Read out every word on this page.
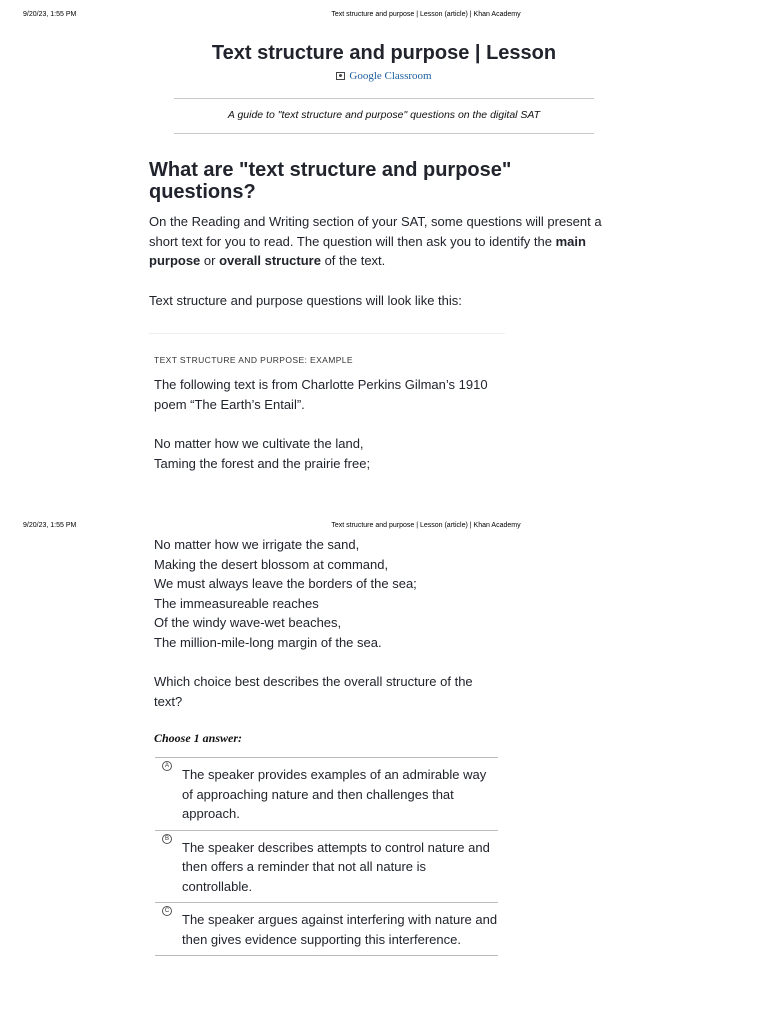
9/20/23, 1:55 PM	Text structure and purpose | Lesson (article) | Khan Academy
Text structure and purpose | Lesson
Google Classroom
A guide to "text structure and purpose" questions on the digital SAT
What are "text structure and purpose" questions?
On the Reading and Writing section of your SAT, some questions will present a short text for you to read. The question will then ask you to identify the main purpose or overall structure of the text.
Text structure and purpose questions will look like this:
TEXT STRUCTURE AND PURPOSE: EXAMPLE
The following text is from Charlotte Perkins Gilman’s 1910 poem “The Earth’s Entail”.
No matter how we cultivate the land,
Taming the forest and the prairie free;
9/20/23, 1:55 PM	Text structure and purpose | Lesson (article) | Khan Academy
No matter how we irrigate the sand,
Making the desert blossom at command,
We must always leave the borders of the sea;
The immeasureable reaches
Of the windy wave-wet beaches,
The million-mile-long margin of the sea.
Which choice best describes the overall structure of the text?
Choose 1 answer:
A
The speaker provides examples of an admirable way of approaching nature and then challenges that approach.
B
The speaker describes attempts to control nature and then offers a reminder that not all nature is controllable.
C
The speaker argues against interfering with nature and then gives evidence supporting this interference.
